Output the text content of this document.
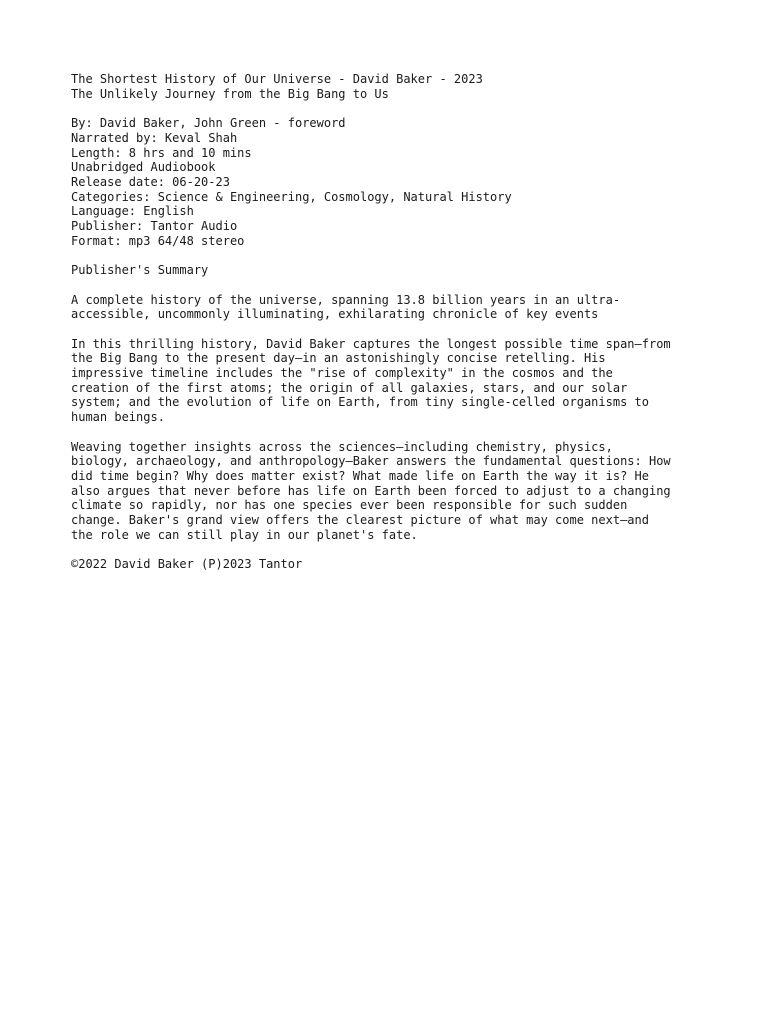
The Shortest History of Our Universe - David Baker - 2023
The Unlikely Journey from the Big Bang to Us
By: David Baker, John Green - foreword
Narrated by: Keval Shah
Length: 8 hrs and 10 mins
Unabridged Audiobook
Release date: 06-20-23
Categories: Science & Engineering, Cosmology, Natural History
Language: English
Publisher: Tantor Audio
Format: mp3 64/48 stereo
Publisher's Summary
A complete history of the universe, spanning 13.8 billion years in an ultra-
accessible, uncommonly illuminating, exhilarating chronicle of key events
In this thrilling history, David Baker captures the longest possible time span—from
the Big Bang to the present day—in an astonishingly concise retelling. His
impressive timeline includes the "rise of complexity" in the cosmos and the
creation of the first atoms; the origin of all galaxies, stars, and our solar
system; and the evolution of life on Earth, from tiny single-celled organisms to
human beings.
Weaving together insights across the sciences—including chemistry, physics,
biology, archaeology, and anthropology—Baker answers the fundamental questions: How
did time begin? Why does matter exist? What made life on Earth the way it is? He
also argues that never before has life on Earth been forced to adjust to a changing
climate so rapidly, nor has one species ever been responsible for such sudden
change. Baker's grand view offers the clearest picture of what may come next—and
the role we can still play in our planet's fate.
©2022 David Baker (P)2023 Tantor
